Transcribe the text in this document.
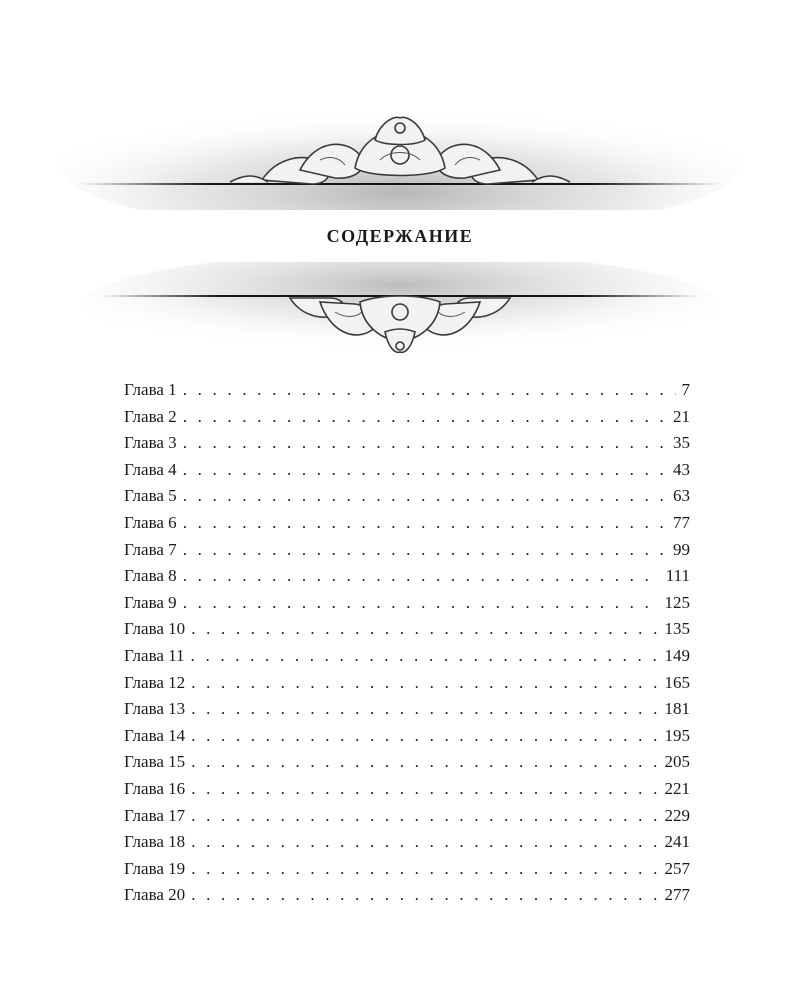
СОДЕРЖАНИЕ
Глава 1 . . .	7
Глава 2 . . .	21
Глава 3 . . .	35
Глава 4 . . .	43
Глава 5 . . .	63
Глава 6 . . .	77
Глава 7 . . .	99
Глава 8 . . .	111
Глава 9 . . .	125
Глава 10 . . .	135
Глава 11 . . .	149
Глава 12 . . .	165
Глава 13 . . .	181
Глава 14 . . .	195
Глава 15 . . .	205
Глава 16 . . .	221
Глава 17 . . .	229
Глава 18 . . .	241
Глава 19 . . .	257
Глава 20 . . .	277
